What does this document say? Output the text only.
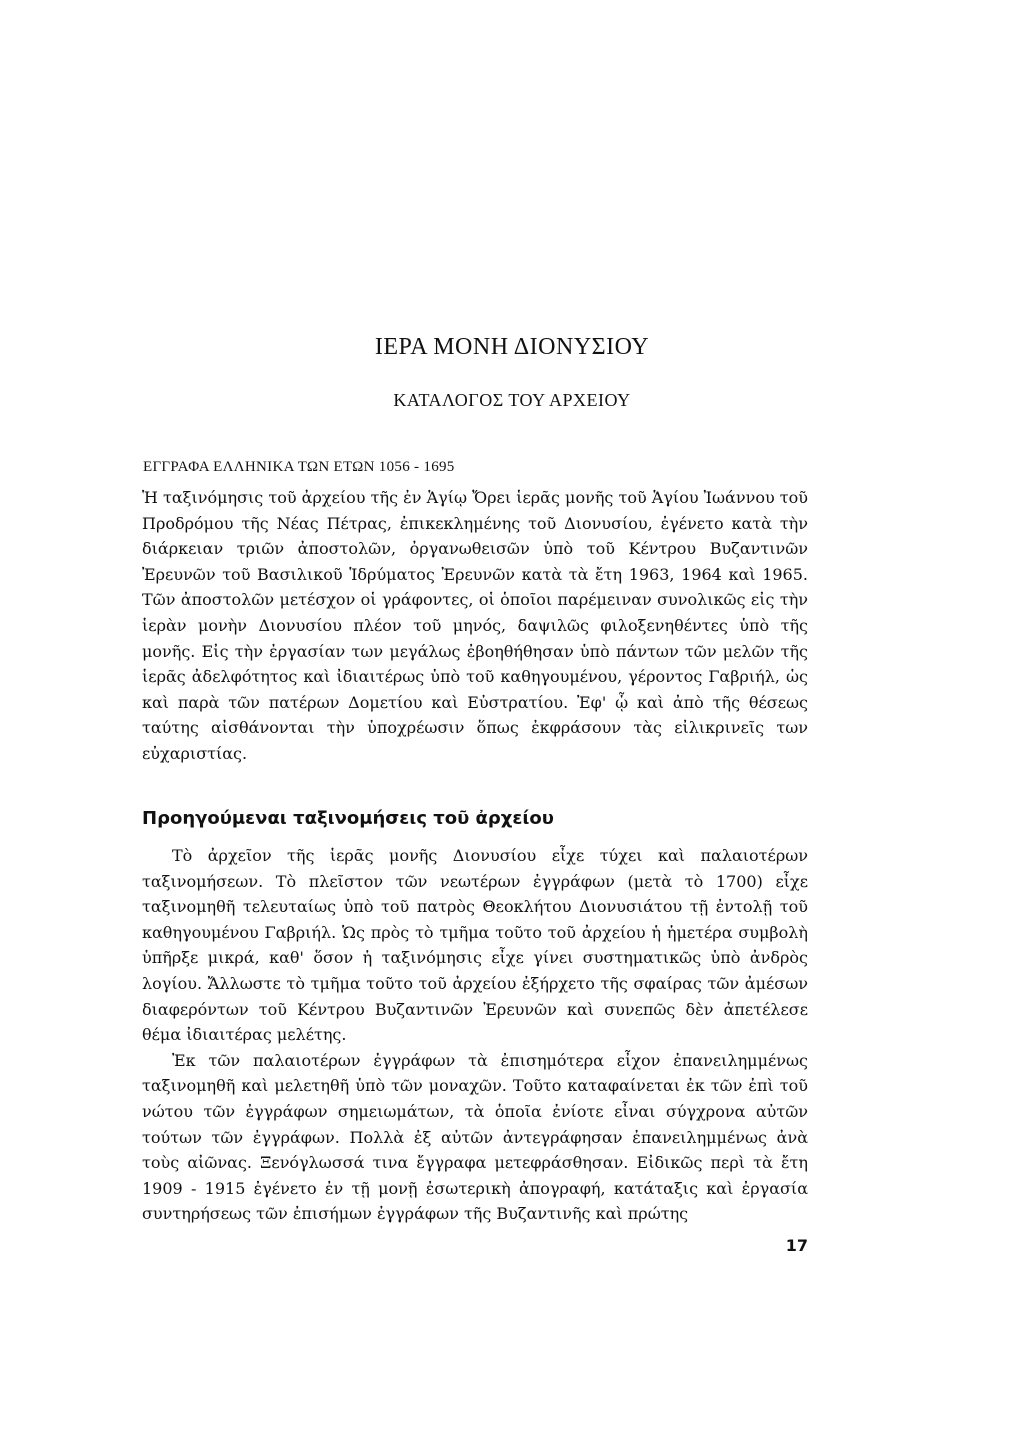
ΙΕΡΑ ΜΟΝΗ ΔΙΟΝΥΣΙΟΥ
ΚΑΤΑΛΟΓΟΣ ΤΟΥ ΑΡΧΕΙΟΥ
ΕΓΓΡΑΦΑ ΕΛΛΗΝΙΚΑ ΤΩΝ ΕΤΩΝ 1056 - 1695

Ἡ ταξινόμησις τοῦ ἀρχείου τῆς ἐν Ἁγίῳ Ὄρει ἱερᾶς μονῆς τοῦ Ἁγίου Ἰωάννου τοῦ Προδρόμου τῆς Νέας Πέτρας, ἐπικεκλημένης τοῦ Διονυσίου, ἐγένετο κατὰ τὴν διάρκειαν τριῶν ἀποστολῶν, ὀργανωθεισῶν ὑπὸ τοῦ Κέντρου Βυζαντινῶν Ἐρευνῶν τοῦ Βασιλικοῦ Ἱδρύματος Ἐρευνῶν κατὰ τὰ ἔτη 1963, 1964 καὶ 1965. Τῶν ἀποστολῶν μετέσχον οἱ γράφοντες, οἱ ὁποῖοι παρέμειναν συνολικῶς εἰς τὴν ἱερὰν μονὴν Διονυσίου πλέον τοῦ μηνός, δαψιλῶς φιλοξενηθέντες ὑπὸ τῆς μονῆς. Εἰς τὴν ἐργασίαν των μεγάλως ἐβοηθήθησαν ὑπὸ πάντων τῶν μελῶν τῆς ἱερᾶς ἀδελφότητος καὶ ἰδιαιτέρως ὑπὸ τοῦ καθηγουμένου, γέροντος Γαβριήλ, ὡς καὶ παρὰ τῶν πατέρων Δομετίου καὶ Εὐστρατίου. Ἐφ' ᾧ καὶ ἀπὸ τῆς θέσεως ταύτης αἰσθάνονται τὴν ὑποχρέωσιν ὅπως ἐκφράσουν τὰς εἰλικρινεῖς των εὐχαριστίας.

Προηγούμεναι ταξινομήσεις τοῦ ἀρχείου

Τὸ ἀρχεῖον τῆς ἱερᾶς μονῆς Διονυσίου εἶχε τύχει καὶ παλαιοτέρων ταξινομήσεων. Τὸ πλεῖστον τῶν νεωτέρων ἐγγράφων (μετὰ τὸ 1700) εἶχε ταξινομηθῆ τελευταίως ὑπὸ τοῦ πατρὸς Θεοκλήτου Διονυσιάτου τῇ ἐντολῇ τοῦ καθηγουμένου Γαβριήλ. Ὡς πρὸς τὸ τμῆμα τοῦτο τοῦ ἀρχείου ἡ ἡμετέρα συμβολὴ ὑπῆρξε μικρά, καθ' ὅσον ἡ ταξινόμησις εἶχε γίνει συστηματικῶς ὑπὸ ἀνδρὸς λογίου. Ἄλλωστε τὸ τμῆμα τοῦτο τοῦ ἀρχείου ἐξήρχετο τῆς σφαίρας τῶν ἀμέσων διαφερόντων τοῦ Κέντρου Βυζαντινῶν Ἐρευνῶν καὶ συνεπῶς δὲν ἀπετέλεσε θέμα ἰδιαιτέρας μελέτης.

Ἐκ τῶν παλαιοτέρων ἐγγράφων τὰ ἐπισημότερα εἶχον ἐπανειλημμένως ταξινομηθῆ καὶ μελετηθῆ ὑπὸ τῶν μοναχῶν. Τοῦτο καταφαίνεται ἐκ τῶν ἐπὶ τοῦ νώτου τῶν ἐγγράφων σημειωμάτων, τὰ ὁποῖα ἐνίοτε εἶναι σύγχρονα αὐτῶν τούτων τῶν ἐγγράφων. Πολλὰ ἐξ αὐτῶν ἀντεγράφησαν ἐπανειλημμένως ἀνὰ τοὺς αἰῶνας. Ξενόγλωσσά τινα ἔγγραφα μετεφράσθησαν. Εἰδικῶς περὶ τὰ ἔτη 1909 - 1915 ἐγένετο ἐν τῇ μονῇ ἐσωτερικὴ ἀπογραφή, κατάταξις καὶ ἐργασία συντηρήσεως τῶν ἐπισήμων ἐγγράφων τῆς Βυζαντινῆς καὶ πρώτης

17
